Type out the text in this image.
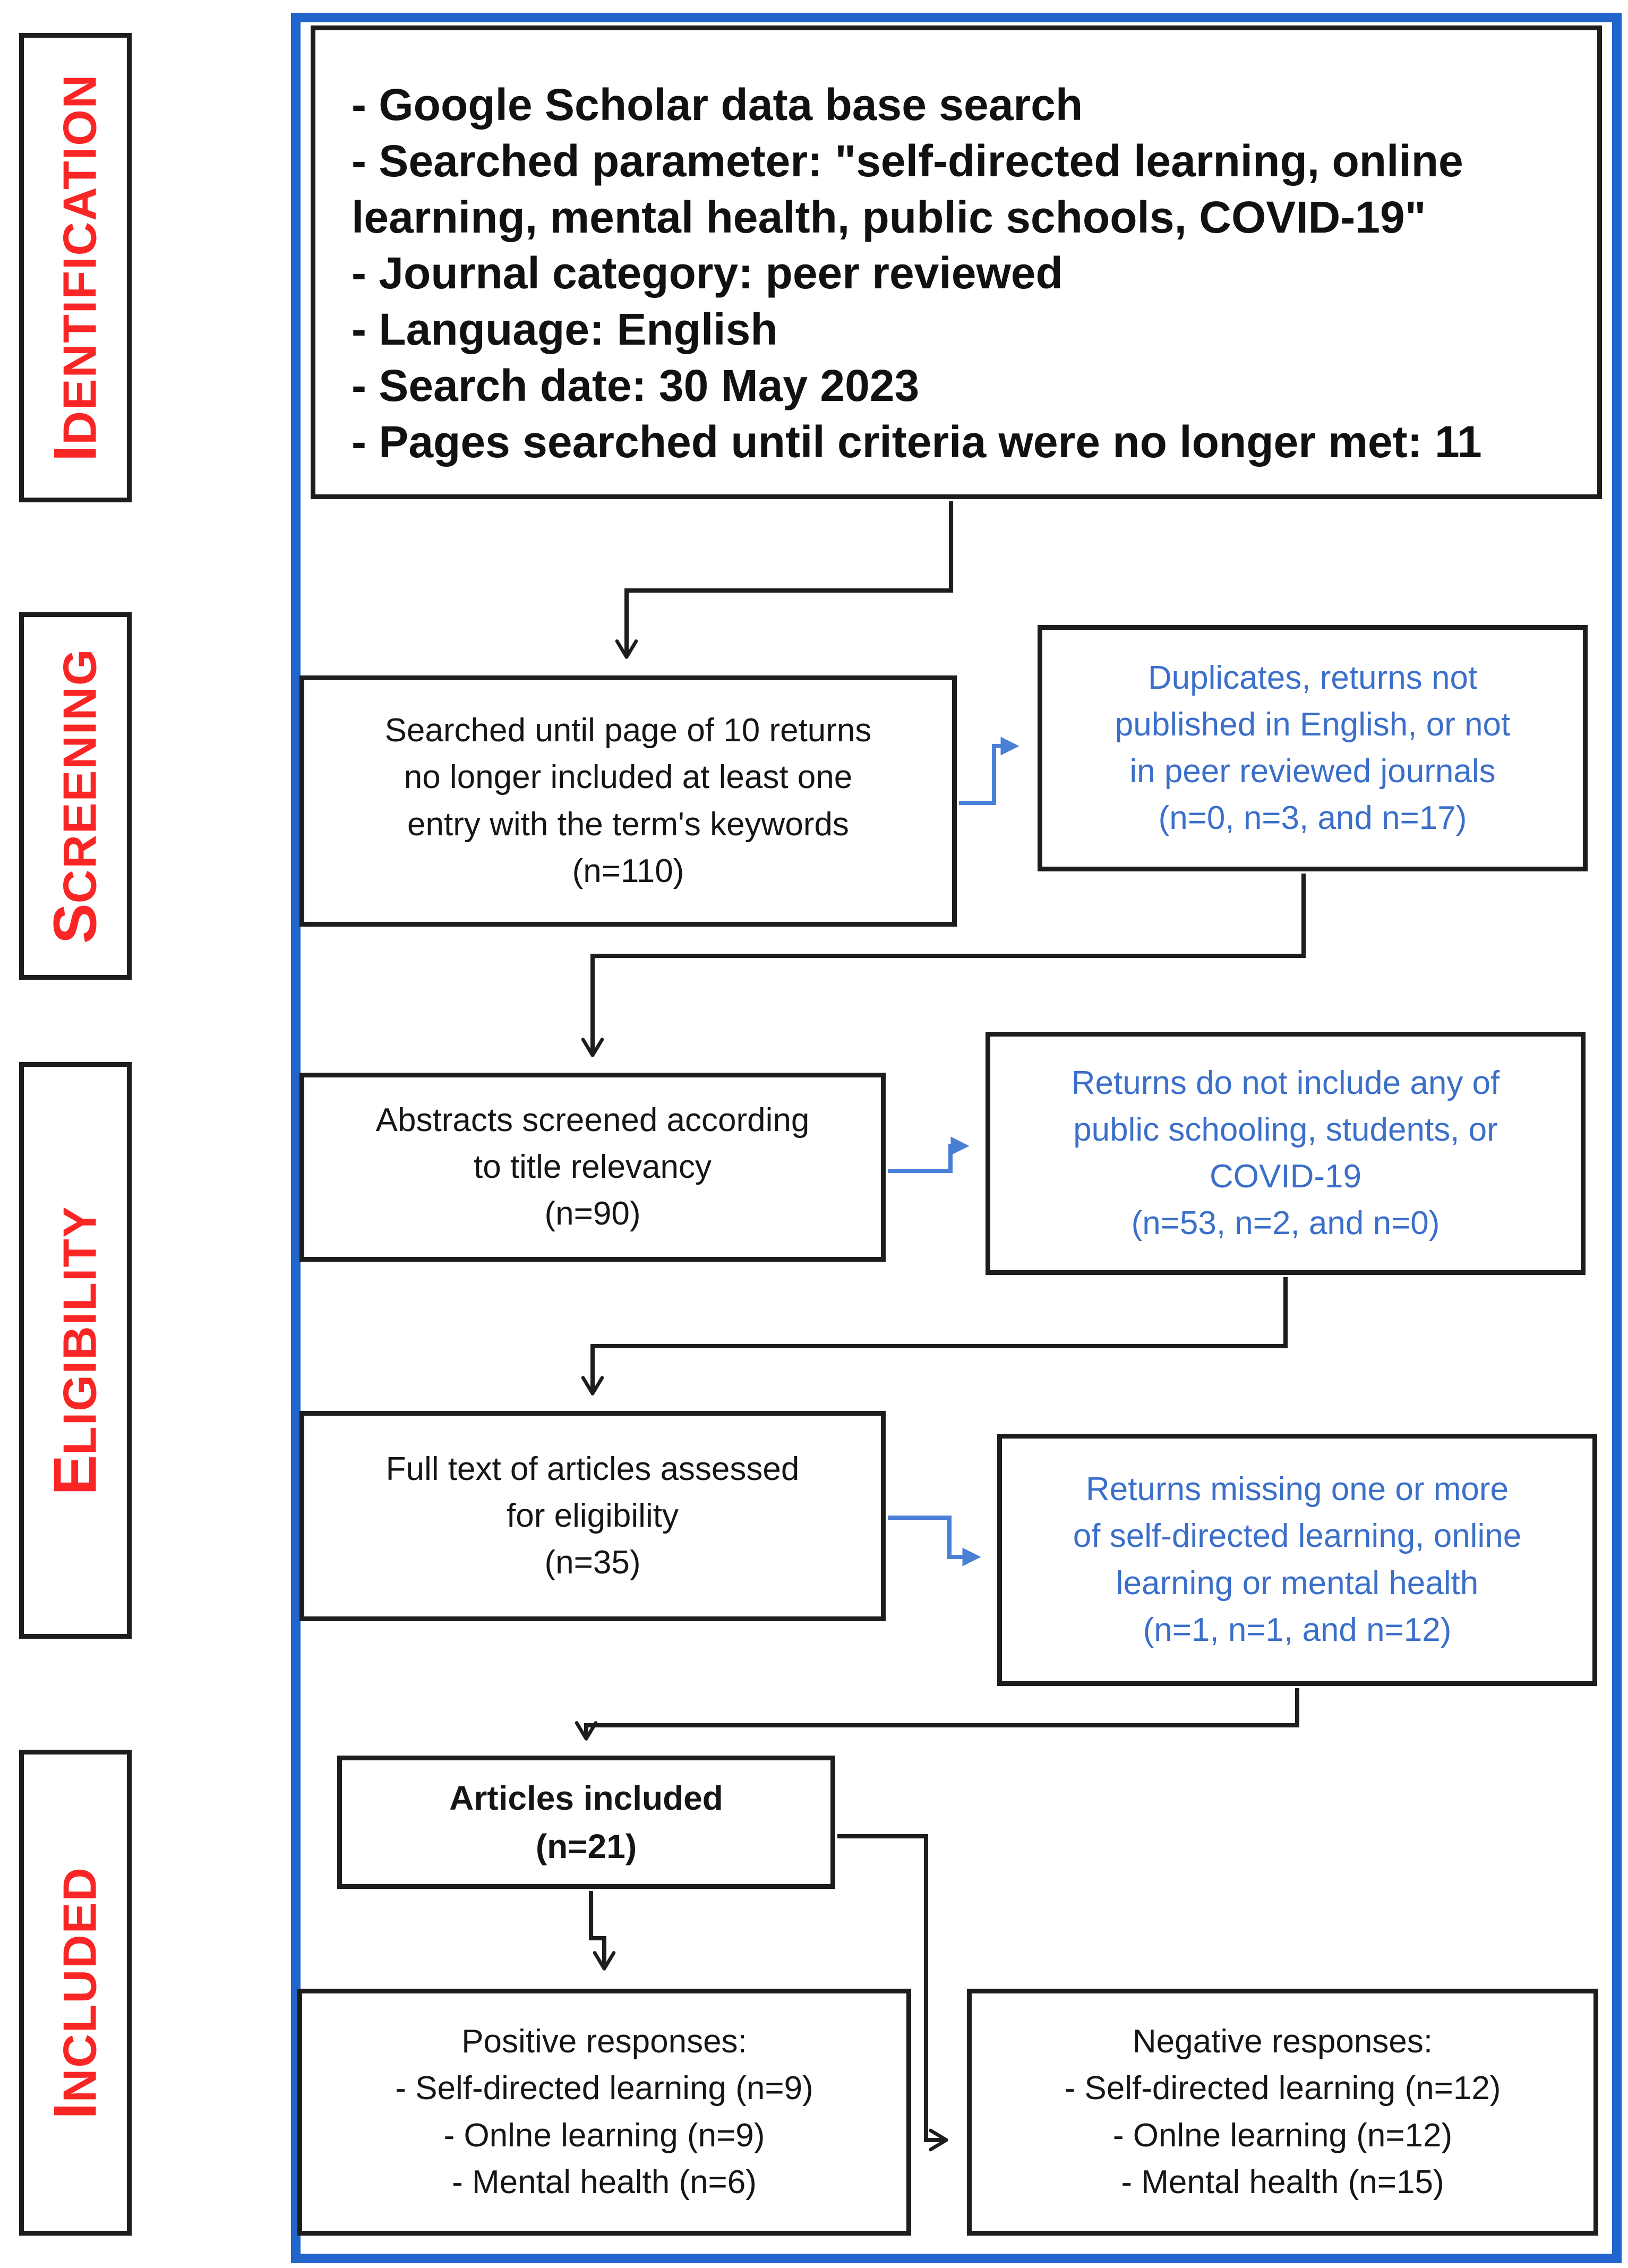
IDENTIFICATION
SCREENING
ELIGIBILITY
INCLUDED
- Google Scholar data base search
- Searched parameter: "self-directed learning, online
learning, mental health, public schools, COVID-19"
- Journal category: peer reviewed
- Language: English
- Search date: 30 May 2023
- Pages searched until criteria were no longer met: 11
Searched until page of 10 returns
no longer included at least one
entry with the term's keywords
(n=110)
Duplicates, returns not
published in English, or not
in peer reviewed journals
(n=0, n=3, and n=17)
Abstracts screened according
to title relevancy
(n=90)
Returns do not include any of
public schooling, students, or
COVID-19
(n=53, n=2, and n=0)
Full text of articles assessed
for eligibility
(n=35)
Returns missing one or more
of self-directed learning, online
learning or mental health
(n=1, n=1, and n=12)
Articles included
(n=21)
Positive responses:
- Self-directed learning (n=9)
- Onlne learning (n=9)
- Mental health (n=6)
Negative responses:
- Self-directed learning (n=12)
- Onlne learning (n=12)
- Mental health (n=15)
